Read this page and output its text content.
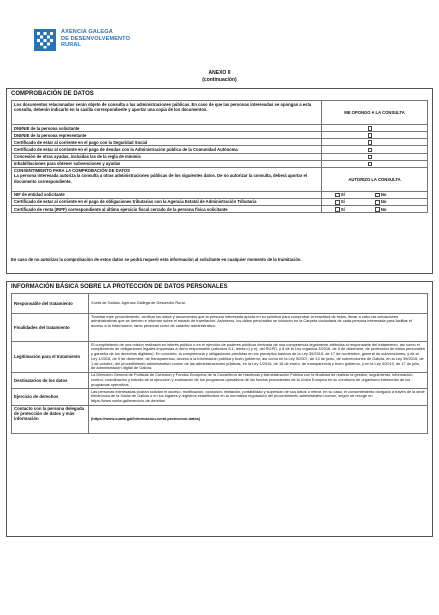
AXENCIA GALEGA
DE DESENVOLVEMENTO
RURAL
ANEXO II
(continuación)
COMPROBACIÓN DE DATOS
Los documentos relacionados serán objeto de consulta a las administraciones públicas. En caso de que las personas interesadas se opongan a esta consulta, deberán indicarlo en la casilla correspondiente y aportar una copia de los documentos.	ME OPONGO A LA CONSULTA
DNI/NIE de la persona solicitante	
DNI/NIE de la persona representante	
Certificado de estar al corriente en el pago con la Seguridad Social	
Certificado de estar al corriente en el pago de deudas con la Administración pública de la Comunidad Autónoma	
Concesión de otras ayudas, incluidas las de la regla de mínimis	
Inhabilitaciones para obtener subvenciones y ayudas	

CONSENTIMIENTO PARA LA COMPROBACIÓN DE DATOS
La persona interesada autoriza la consulta a otras administraciones públicas de los siguientes datos. De no autorizar la consulta, deberá aportar el documento correspondiente.	AUTORIZO LA CONSULTA
NIF de entidad solicitante	Sí No
Certificado de estar al corriente en el pago de obligaciones tributarias con la Agencia Estatal de Administración Tributaria	Sí No
Certificado de renta (IRPF) correspondiente al último ejercicio fiscal cerrado de la persona física solicitante	Sí No
En caso de no autorizar la comprobación de estos datos se podrá requerir esta información al solicitante en cualquier momento de la tramitación.
INFORMACIÓN BÁSICA SOBRE LA PROTECCIÓN DE DATOS PERSONALES
Responsable del tratamiento	Xunta de Galicia. Agencia Gallega de Desarrollo Rural.
Finalidades del tratamiento	Tramitar este procedimiento, verificar los datos y documentos que la persona interesada aporta en su solicitud para comprobar la exactitud de estos, llevar a cabo las actuaciones administrativas que se deriven e informar sobre el estado de tramitación. Asimismo, los datos personales se incluirán en la Carpeta ciudadana de cada persona interesada para facilitar el acceso a la información, tanto personal como de carácter administrativo.
Legitimación para el tratamiento	El cumplimiento de una misión realizada en interés público o en el ejercicio de poderes públicos derivada de una competencia legalmente atribuida al responsable del tratamiento, así como el cumplimiento de obligaciones legales impuestas a dicho responsable (artículos 6.1, letras c) y e), del RGPD, y 8 de la Ley orgánica 3/2018, de 5 de diciembre, de protección de datos personales y garantía de los derechos digitales). En concreto, la competencia y obligaciones previstas en los preceptos básicos de la Ley 39/2015, de 17 de noviembre, general de subvenciones, y de la Ley 1/2016, de 9 de diciembre, de transparencia, acceso a la información pública y buen gobierno, así como en la Ley 9/2007, de 13 de junio, de subvenciones de Galicia, en la Ley 39/2015, de 1 de octubre, del procedimiento administrativo común de las administraciones públicas, en la Ley 1/2016, de 18 de enero, de transparencia y buen gobierno, y en la Ley 4/2019, de 17 de julio, de administración digital de Galicia.
Destinatarios de los datos	La Dirección General de Políticas de Cohesión y Fondos Europeos de la Consellería de Hacienda y Administración Pública con la finalidad de realizar la gestión, seguimiento, información, control, coordinación y estudio de la ejecución y evaluación de los programas operativos de los fondos procedentes de la Unión Europea en su condición de organismo intermedio de los programas operativos.
Ejercicio de derechos	Las personas interesadas podrán solicitar el acceso, rectificación, oposición, limitación, portabilidad y supresión de sus datos o retirar, en su caso, el consentimiento otorgado a través de la sede electrónica de la Xunta de Galicia o en los lugares y registros establecidos en la normativa reguladora del procedimiento administrativo común, según se recoge en https://www.xunta.gal/exercicio-de-dereitos
Contacto con la persona delegada de protección de datos y más información	(https://www.xunta.gal/informacion-xeral-proteccion-datos)
